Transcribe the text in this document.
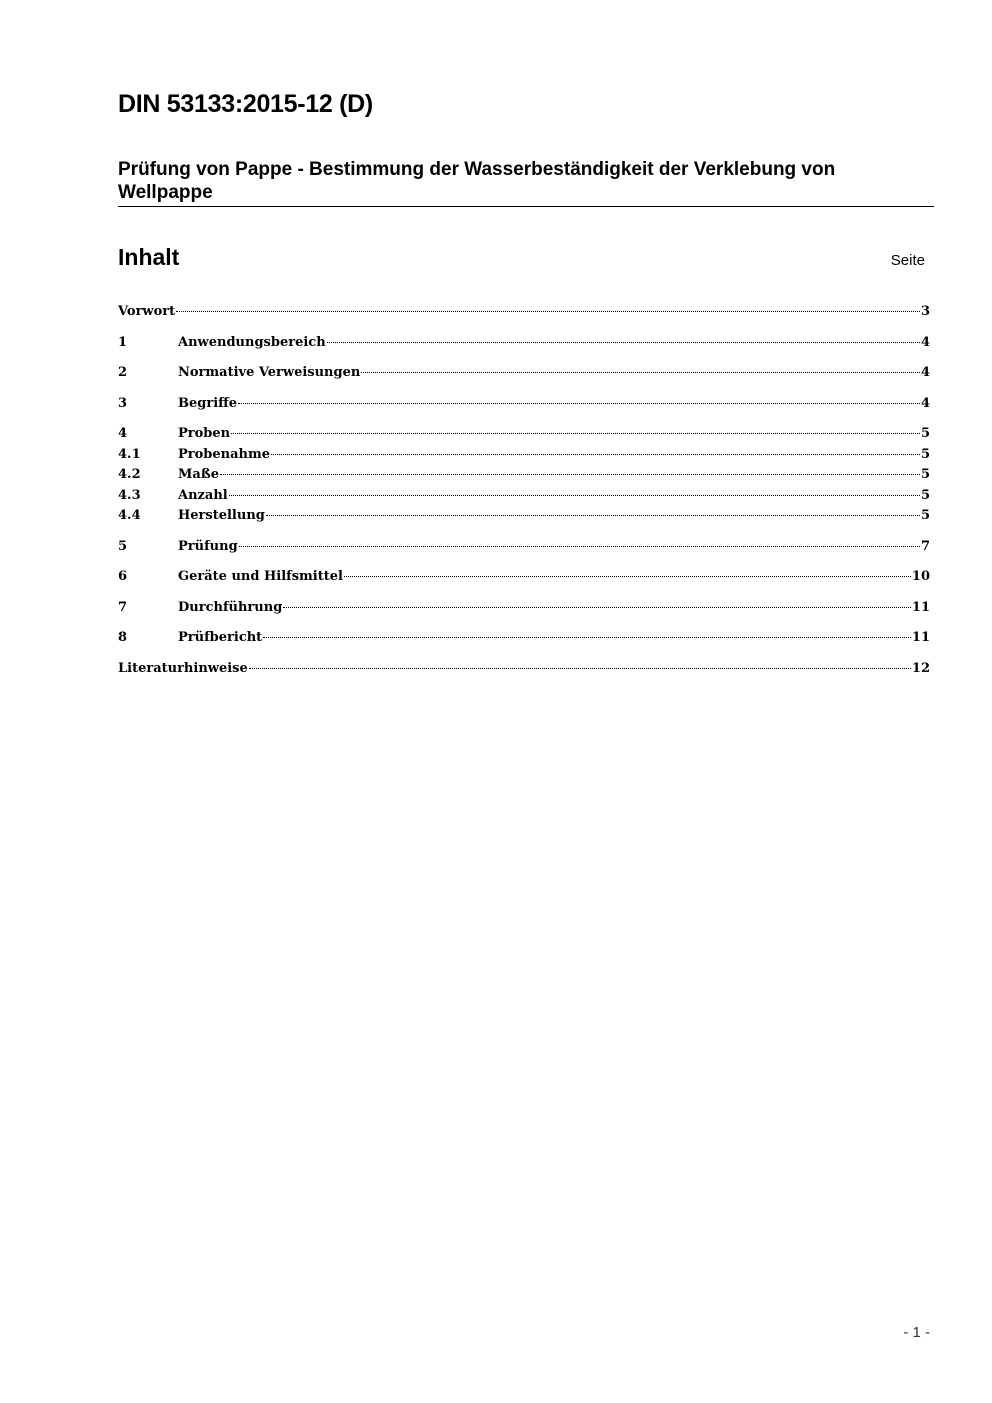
DIN 53133:2015-12 (D)
Prüfung von Pappe - Bestimmung der Wasserbeständigkeit der Verklebung von Wellpappe
Inhalt	Seite
Vorwort	3
1	Anwendungsbereich	4
2	Normative Verweisungen	4
3	Begriffe	4
4	Proben	5
4.1	Probenahme	5
4.2	Maße	5
4.3	Anzahl	5
4.4	Herstellung	5
5	Prüfung	7
6	Geräte und Hilfsmittel	10
7	Durchführung	11
8	Prüfbericht	11
Literaturhinweise	12
- 1 -
